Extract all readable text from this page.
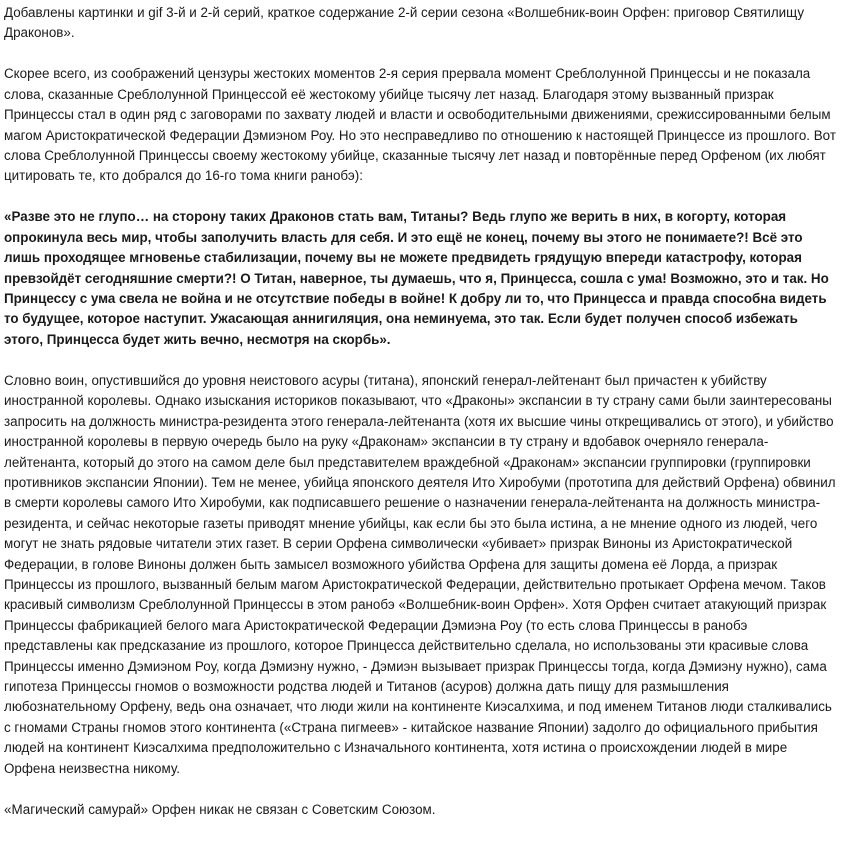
Добавлены картинки и gif 3-й и 2-й серий, краткое содержание 2-й серии сезона «Волшебник-воин Орфен: приговор Святилищу Драконов».

Скорее всего, из соображений цензуры жестоких моментов 2-я серия прервала момент Среблолунной Принцессы и не показала слова, сказанные Среблолунной Принцессой её жестокому убийце тысячу лет назад. Благодаря этому вызванный призрак Принцессы стал в один ряд с заговорами по захвату людей и власти и освободительными движениями, срежиссированными белым магом Аристократической Федерации Дэмиэном Роу. Но это несправедливо по отношению к настоящей Принцессе из прошлого. Вот слова Среблолунной Принцессы своему жестокому убийце, сказанные тысячу лет назад и повторённые перед Орфеном (их любят цитировать те, кто добрался до 16-го тома книги ранобэ):

«Разве это не глупо… на сторону таких Драконов стать вам, Титаны? Ведь глупо же верить в них, в когорту, которая опрокинула весь мир, чтобы заполучить власть для себя. И это ещё не конец, почему вы этого не понимаете?! Всё это лишь проходящее мгновенье стабилизации, почему вы не можете предвидеть грядущую впереди катастрофу, которая превзойдёт сегодняшние смерти?! О Титан, наверное, ты думаешь, что я, Принцесса, сошла с ума! Возможно, это и так. Но Принцессу с ума свела не война и не отсутствие победы в войне! К добру ли то, что Принцесса и правда способна видеть то будущее, которое наступит. Ужасающая аннигиляция, она неминуема, это так. Если будет получен способ избежать этого, Принцесса будет жить вечно, несмотря на скорбь».

Словно воин, опустившийся до уровня неистового асуры (титана), японский генерал-лейтенант был причастен к убийству иностранной королевы. Однако изыскания историков показывают, что «Драконы» экспансии в ту страну сами были заинтересованы запросить на должность министра-резидента этого генерала-лейтенанта (хотя их высшие чины открещивались от этого), и убийство иностранной королевы в первую очередь было на руку «Драконам» экспансии в ту страну и вдобавок очерняло генерала-лейтенанта, который до этого на самом деле был представителем враждебной «Драконам» экспансии группировки (группировки противников экспансии Японии). Тем не менее, убийца японского деятеля Ито Хиробуми (прототипа для действий Орфена) обвинил в смерти королевы самого Ито Хиробуми, как подписавшего решение о назначении генерала-лейтенанта на должность министра-резидента, и сейчас некоторые газеты приводят мнение убийцы, как если бы это была истина, а не мнение одного из людей, чего могут не знать рядовые читатели этих газет. В серии Орфена символически «убивает» призрак Виноны из Аристократической Федерации, в голове Виноны должен быть замысел возможного убийства Орфена для защиты домена её Лорда, а призрак Принцессы из прошлого, вызванный белым магом Аристократической Федерации, действительно протыкает Орфена мечом. Таков красивый символизм Среблолунной Принцессы в этом ранобэ «Волшебник-воин Орфен». Хотя Орфен считает атакующий призрак Принцессы фабрикацией белого мага Аристократической Федерации Дэмиэна Роу (то есть слова Принцессы в ранобэ представлены как предсказание из прошлого, которое Принцесса действительно сделала, но использованы эти красивые слова Принцессы именно Дэмиэном Роу, когда Дэмиэну нужно, - Дэмиэн вызывает призрак Принцессы тогда, когда Дэмиэну нужно), сама гипотеза Принцессы гномов о возможности родства людей и Титанов (асуров) должна дать пищу для размышления любознательному Орфену, ведь она означает, что люди жили на континенте Киэсалхима, и под именем Титанов люди сталкивались с гномами Страны гномов этого континента («Страна пигмеев» - китайское название Японии) задолго до официального прибытия людей на континент Киэсалхима предположительно с Изначального континента, хотя истина о происхождении людей в мире Орфена неизвестна никому.

«Магический самурай» Орфен никак не связан с Советским Союзом.
